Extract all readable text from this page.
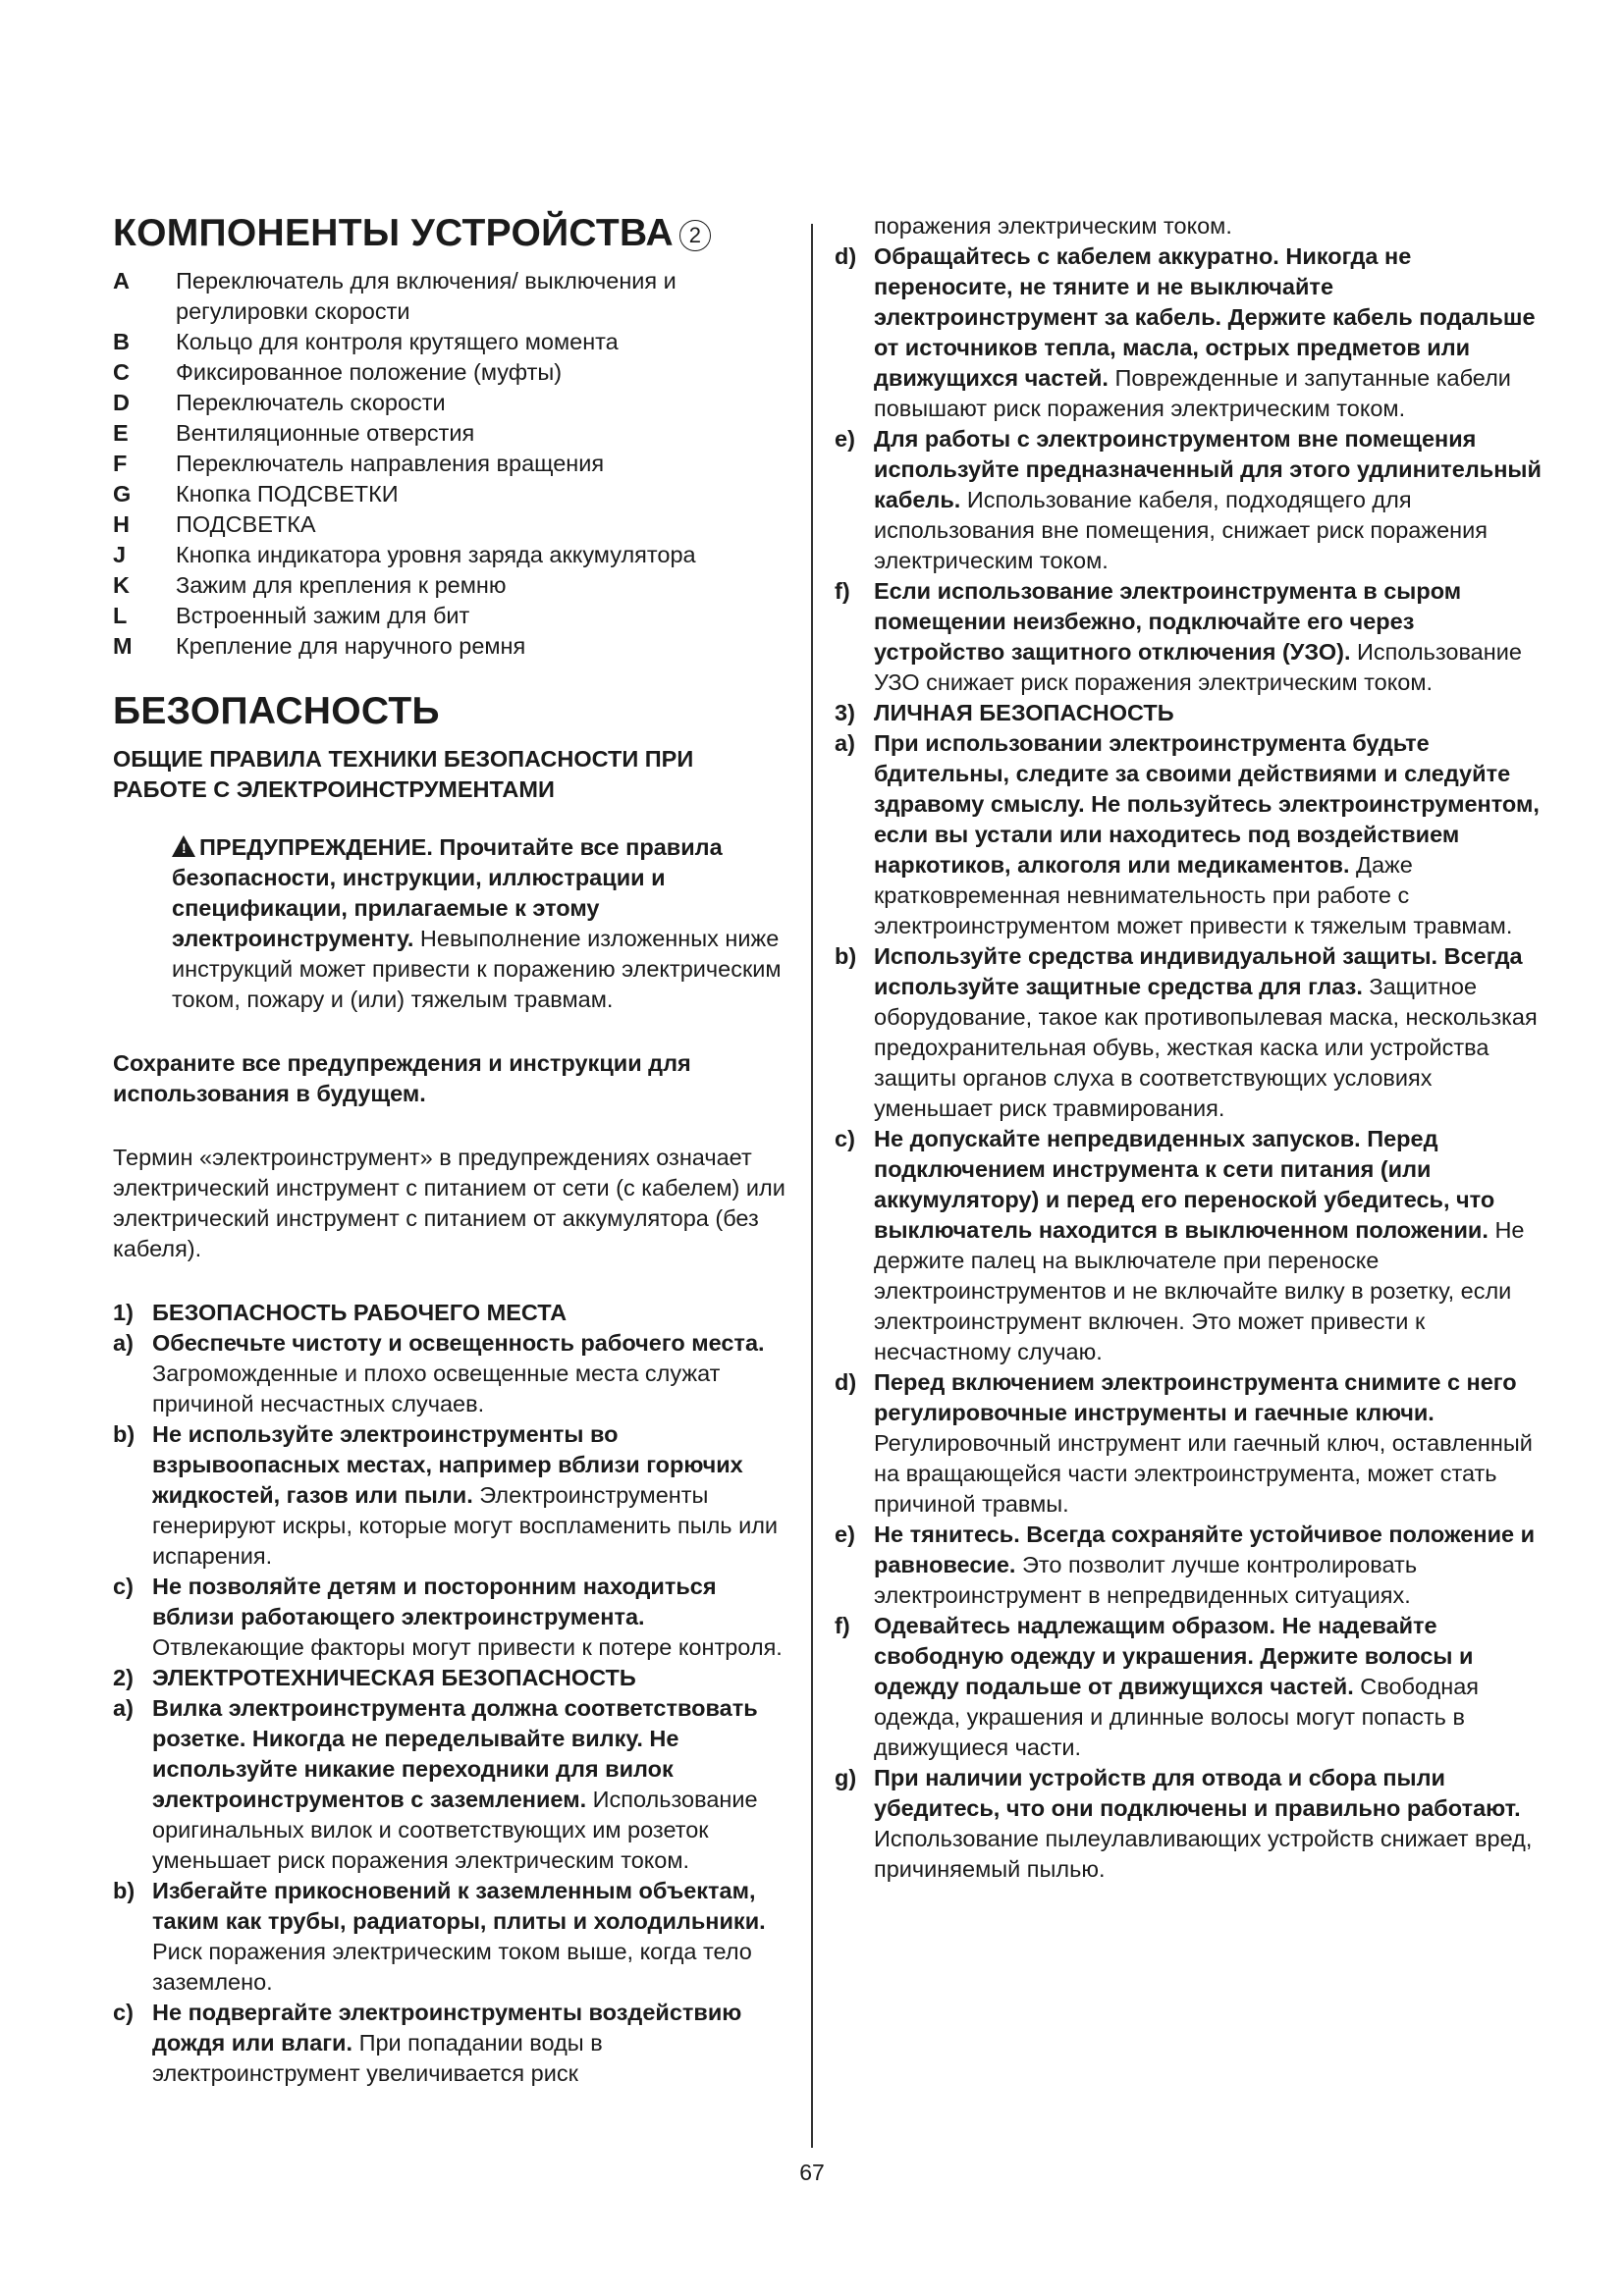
КОМПОНЕНТЫ УСТРОЙСТВА 2
A	Переключатель для включения/ выключения и регулировки скорости
B	Кольцо для контроля крутящего момента
C	Фиксированное положение (муфты)
D	Переключатель скорости
E	Вентиляционные отверстия
F	Переключатель направления вращения
G	Кнопка ПОДСВЕТКИ
H	ПОДСВЕТКА
J	Кнопка индикатора уровня заряда аккумулятора
K	Зажим для крепления к ремню
L	Встроенный зажим для бит
M	Крепление для наручного ремня
БЕЗОПАСНОСТЬ
ОБЩИЕ ПРАВИЛА ТЕХНИКИ БЕЗОПАСНОСТИ ПРИ РАБОТЕ С ЭЛЕКТРОИНСТРУМЕНТАМИ

! ПРЕДУПРЕЖДЕНИЕ. Прочитайте все правила безопасности, инструкции, иллюстрации и спецификации, прилагаемые к этому электроинструменту. Невыполнение изложенных ниже инструкций может привести к поражению электрическим током, пожару и (или) тяжелым травмам.

Сохраните все предупреждения и инструкции для использования в будущем.

Термин «электроинструмент» в предупреждениях означает электрический инструмент с питанием от сети (с кабелем) или электрический инструмент с питанием от аккумулятора (без кабеля).

1) БЕЗОПАСНОСТЬ РАБОЧЕГО МЕСТА
a) Обеспечьте чистоту и освещенность рабочего места. Загроможденные и плохо освещенные места служат причиной несчастных случаев.
b) Не используйте электроинструменты во взрывоопасных местах, например вблизи горючих жидкостей, газов или пыли. Электроинструменты генерируют искры, которые могут воспламенить пыль или испарения.
c) Не позволяйте детям и посторонним находиться вблизи работающего электроинструмента. Отвлекающие факторы могут привести к потере контроля.
2) ЭЛЕКТРОТЕХНИЧЕСКАЯ БЕЗОПАСНОСТЬ
a) Вилка электроинструмента должна соответствовать розетке. Никогда не переделывайте вилку. Не используйте никакие переходники для вилок электроинструментов с заземлением. Использование оригинальных вилок и соответствующих им розеток уменьшает риск поражения электрическим током.
b) Избегайте прикосновений к заземленным объектам, таким как трубы, радиаторы, плиты и холодильники. Риск поражения электрическим током выше, когда тело заземлено.
c) Не подвергайте электроинструменты воздействию дождя или влаги. При попадании воды в электроинструмент увеличивается риск

поражения электрическим током.

d) Обращайтесь с кабелем аккуратно. Никогда не переносите, не тяните и не выключайте электроинструмент за кабель. Держите кабель подальше от источников тепла, масла, острых предметов или движущихся частей. Поврежденные и запутанные кабели повышают риск поражения электрическим током.
e) Для работы с электроинструментом вне помещения используйте предназначенный для этого удлинительный кабель. Использование кабеля, подходящего для использования вне помещения, снижает риск поражения электрическим током.
f)	Если использование электроинструмента в сыром помещении неизбежно, подключайте его через устройство защитного отключения (УЗО). Использование УЗО снижает риск поражения электрическим током.
3) ЛИЧНАЯ БЕЗОПАСНОСТЬ
a) При использовании электроинструмента будьте бдительны, следите за своими действиями и следуйте здравому смыслу. Не пользуйтесь электроинструментом, если вы устали или находитесь под воздействием наркотиков, алкоголя или медикаментов. Даже кратковременная невнимательность при работе с электроинструментом может привести к тяжелым травмам.
b) Используйте средства индивидуальной защиты. Всегда используйте защитные средства для глаз. Защитное оборудование, такое как противопылевая маска, нескользкая предохранительная обувь, жесткая каска или устройства защиты органов слуха в соответствующих условиях уменьшает риск травмирования.
c) Не допускайте непредвиденных запусков. Перед подключением инструмента к сети питания (или аккумулятору) и перед его переноской убедитесь, что выключатель находится в выключенном положении. Не держите палец на выключателе при переноске электроинструментов и не включайте вилку в розетку, если электроинструмент включен. Это может привести к несчастному случаю.
d) Перед включением электроинструмента снимите с него регулировочные инструменты и гаечные ключи. Регулировочный инструмент или гаечный ключ, оставленный на вращающейся части электроинструмента, может стать причиной травмы.
e) Не тянитесь. Всегда сохраняйте устойчивое положение и равновесие. Это позволит лучше контролировать электроинструмент в непредвиденных ситуациях.
f)	Одевайтесь надлежащим образом. Не надевайте свободную одежду и украшения. Держите волосы и одежду подальше от движущихся частей. Свободная одежда, украшения и длинные волосы могут попасть в движущиеся части.
g) При наличии устройств для отвода и сбора пыли убедитесь, что они подключены и правильно работают. Использование пылеулавливающих устройств снижает вред, причиняемый пылью.
67
